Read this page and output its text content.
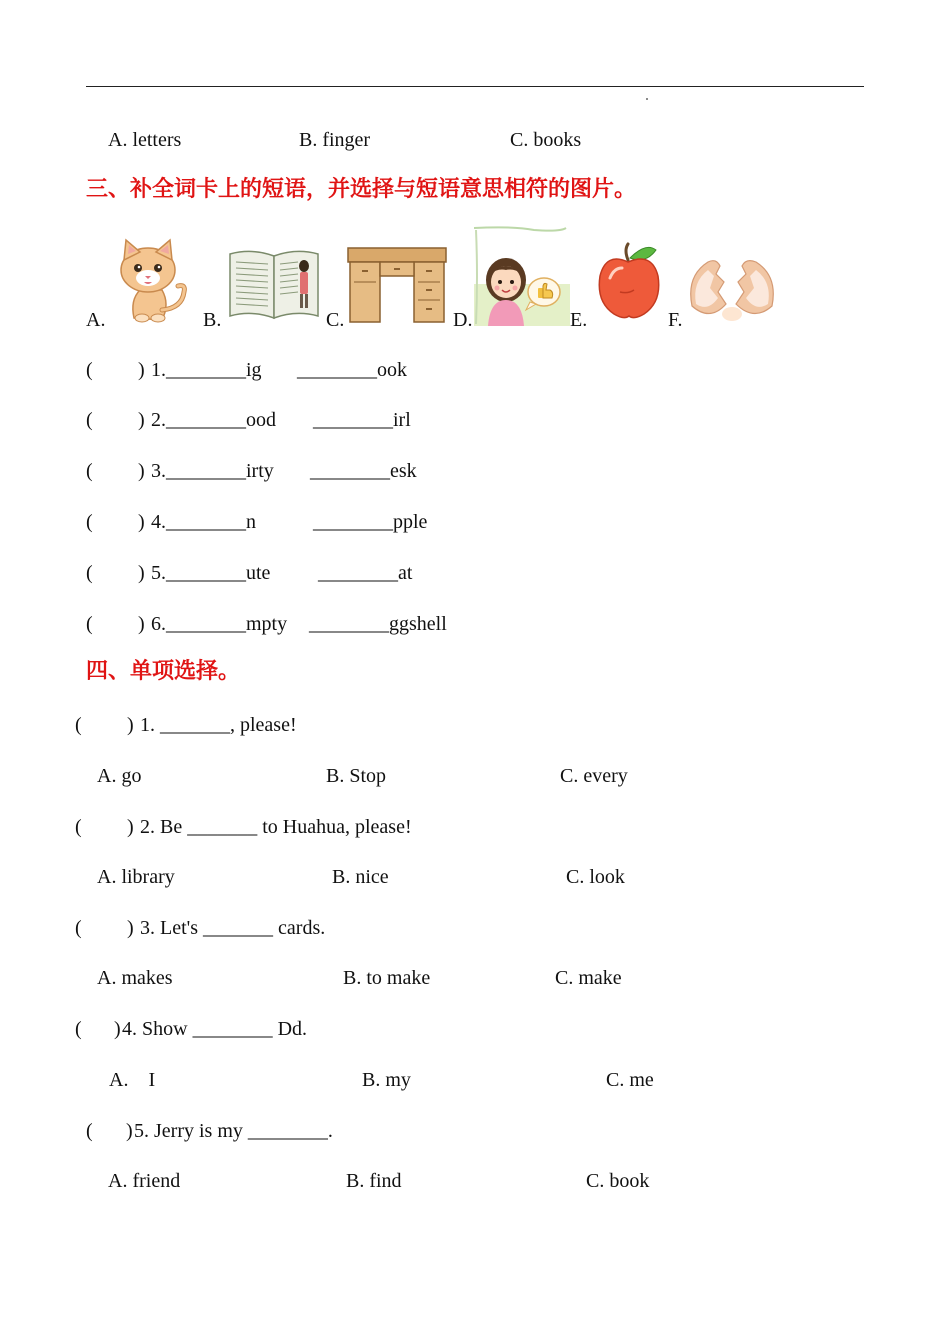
A. letters	B. finger	C. books
三、补全词卡上的短语，并选择与短语意思相符的图片。
A.	B.	C.	D.	E.	F.
( ) 1.________ig ________ook
( ) 2.________ood ________irl
( ) 3.________irty ________esk
( ) 4.________n	________pple
( ) 5.________ute ________at
( ) 6.________mpty ________ggshell
四、单项选择。
( ) 1. _______, please!
A. go	B. Stop	C. every
( ) 2. Be _______ to Huahua, please!
A. library	B. nice	C. look
( ) 3. Let's _______ cards.
A. makes	B. to make	C. make
( ) 4. Show ________ Dd.
A.    I	B. my	C. me
( ) 5. Jerry is my ________.
A. friend	B. find	C. book
